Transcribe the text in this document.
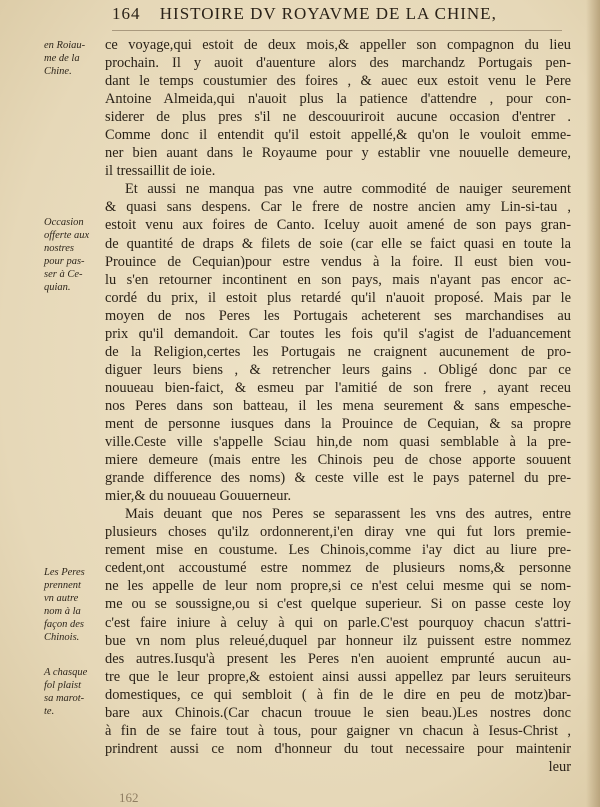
164 HISTOIRE DV ROYAVME DE LA CHINE,
en Roiau-
me de la
Chine.
Occasion
offerte aux
nostres
pour pas-
ser à Ce-
quian.
Les Peres
prennent
vn autre
nom à la
façon des
Chinois.
A chasque
fol plaist
sa marot-
te.
ce voyage,qui estoit de deux mois,& appeller son compagnon du lieu
prochain. Il y auoit d'auenture alors des marchandz Portugais pen-
dant le temps coustumier des foires , & auec eux estoit venu le Pere
Antoine Almeida,qui n'auoit plus la patience d'attendre , pour con-
siderer de plus pres s'il ne descouuriroit aucune occasion d'entrer .
Comme donc il entendit qu'il estoit appellé,& qu'on le vouloit emme-
ner bien auant dans le Royaume pour y establir vne nouuelle demeure,
il tressaillit de ioie.
Et aussi ne manqua pas vne autre commodité de nauiger seurement
& quasi sans despens. Car le frere de nostre ancien amy Lin-si-tau ,
estoit venu aux foires de Canto. Iceluy auoit amené de son pays gran-
de quantité de draps & filets de soie (car elle se faict quasi en toute la
Prouince de Cequian)pour estre vendus à la foire. Il eust bien vou-
lu s'en retourner incontinent en son pays, mais n'ayant pas encor ac-
cordé du prix, il estoit plus retardé qu'il n'auoit proposé. Mais par le
moyen de nos Peres les Portugais acheterent ses marchandises au
prix qu'il demandoit. Car toutes les fois qu'il s'agist de l'aduancement
de la Religion,certes les Portugais ne craignent aucunement de pro-
diguer leurs biens , & retrencher leurs gains . Obligé donc par ce
nouueau bien-faict, & esmeu par l'amitié de son frere , ayant receu
nos Peres dans son batteau, il les mena seurement & sans empesche-
ment de personne iusques dans la Prouince de Cequian, & sa propre
ville.Ceste ville s'appelle Sciau hin,de nom quasi semblable à la pre-
miere demeure (mais entre les Chinois peu de chose apporte souuent
grande difference des noms) & ceste ville est le pays paternel du pre-
mier,& du nouueau Gouuerneur.
Mais deuant que nos Peres se separassent les vns des autres, entre
plusieurs choses qu'ilz ordonnerent,i'en diray vne qui fut lors premie-
rement mise en coustume. Les Chinois,comme i'ay dict au liure pre-
cedent,ont accoustumé estre nommez de plusieurs noms,& personne
ne les appelle de leur nom propre,si ce n'est celui mesme qui se nom-
me ou se soussigne,ou si c'est quelque superieur. Si on passe ceste loy
c'est faire iniure à celuy à qui on parle.C'est pourquoy chacun s'attri-
bue vn nom plus releué,duquel par honneur ilz puissent estre nommez
des autres.Iusqu'à present les Peres n'en auoient emprunté aucun au-
tre que le leur propre,& estoient ainsi aussi appellez par leurs seruiteurs
domestiques, ce qui sembloit ( à fin de le dire en peu de motz)bar-
bare aux Chinois.(Car chacun trouue le sien beau.)Les nostres donc
à fin de se faire tout à tous, pour gaigner vn chacun à Iesus-Christ ,
prindrent aussi ce nom d'honneur du tout necessaire pour maintenir
leur
162
